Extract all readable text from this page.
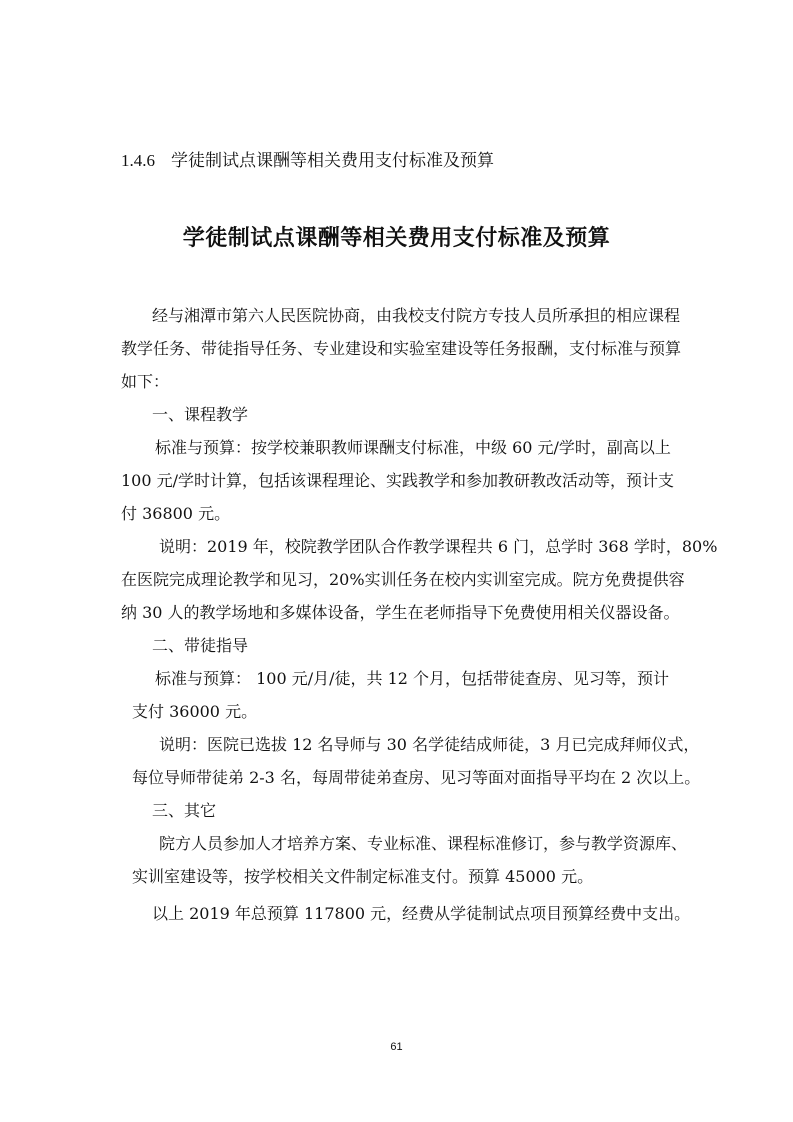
1.4.6 学徒制试点课酬等相关费用支付标准及预算
学徒制试点课酬等相关费用支付标准及预算
经与湘潭市第六人民医院协商，由我校支付院方专技人员所承担的相应课程
教学任务、带徒指导任务、专业建设和实验室建设等任务报酬，支付标准与预算
如下：
一、课程教学
标准与预算：按学校兼职教师课酬支付标准，中级 60 元/学时，副高以上
100 元/学时计算，包括该课程理论、实践教学和参加教研教改活动等，预计支
付 36800 元。
说明：2019 年，校院教学团队合作教学课程共 6 门，总学时 368 学时，80%
在医院完成理论教学和见习，20%实训任务在校内实训室完成。院方免费提供容
纳 30 人的教学场地和多媒体设备，学生在老师指导下免费使用相关仪器设备。
二、带徒指导
标准与预算： 100 元/月/徒，共 12 个月，包括带徒查房、见习等，预计
支付 36000 元。
说明：医院已选拔 12 名导师与 30 名学徒结成师徒，3 月已完成拜师仪式，
每位导师带徒弟 2-3 名，每周带徒弟查房、见习等面对面指导平均在 2 次以上。
三、其它
院方人员参加人才培养方案、专业标准、课程标准修订，参与教学资源库、
实训室建设等，按学校相关文件制定标准支付。预算 45000 元。
以上 2019 年总预算 117800 元，经费从学徒制试点项目预算经费中支出。
61
